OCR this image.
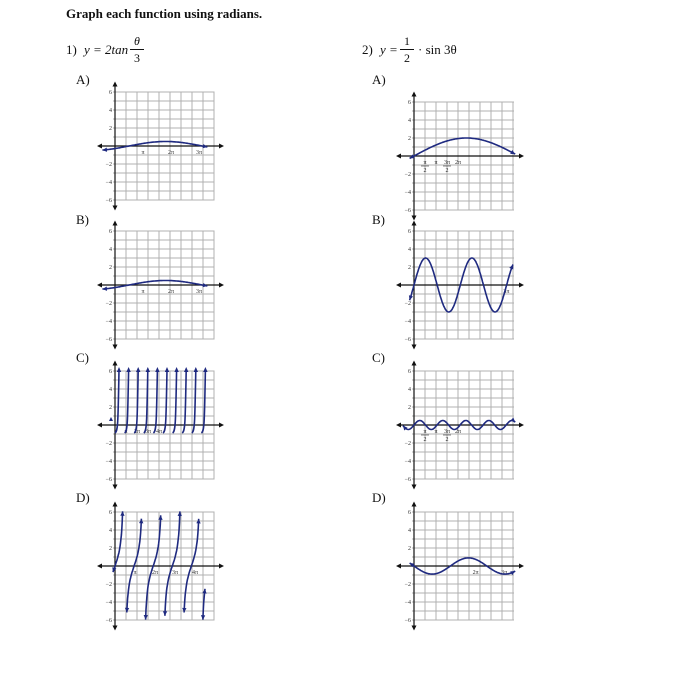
Graph each function using radians.
1) y = 2tan
θ
3
2) y =
1
2
· sin 3θ
A)
B)
C)
D)
A)
B)
C)
D)
6
4
2
−2
−4
−6
π	2π	3π
6
4
2
−2
−4
−6
π	2π	3π
6
4
2
−2
−4
−6
π 2π 3π 4π
6
4
2
−2
−4
−6
π	2π 3π 4π
6
4
2
−2
−4
−6
π
2
π 3π
2
2π
6
4
2
−2
−4
−6
3π
6
4
2
−2
−4
−6
π
2
π 3π
2
2π
6
4
2
−2
−4
−6
2π	3π
